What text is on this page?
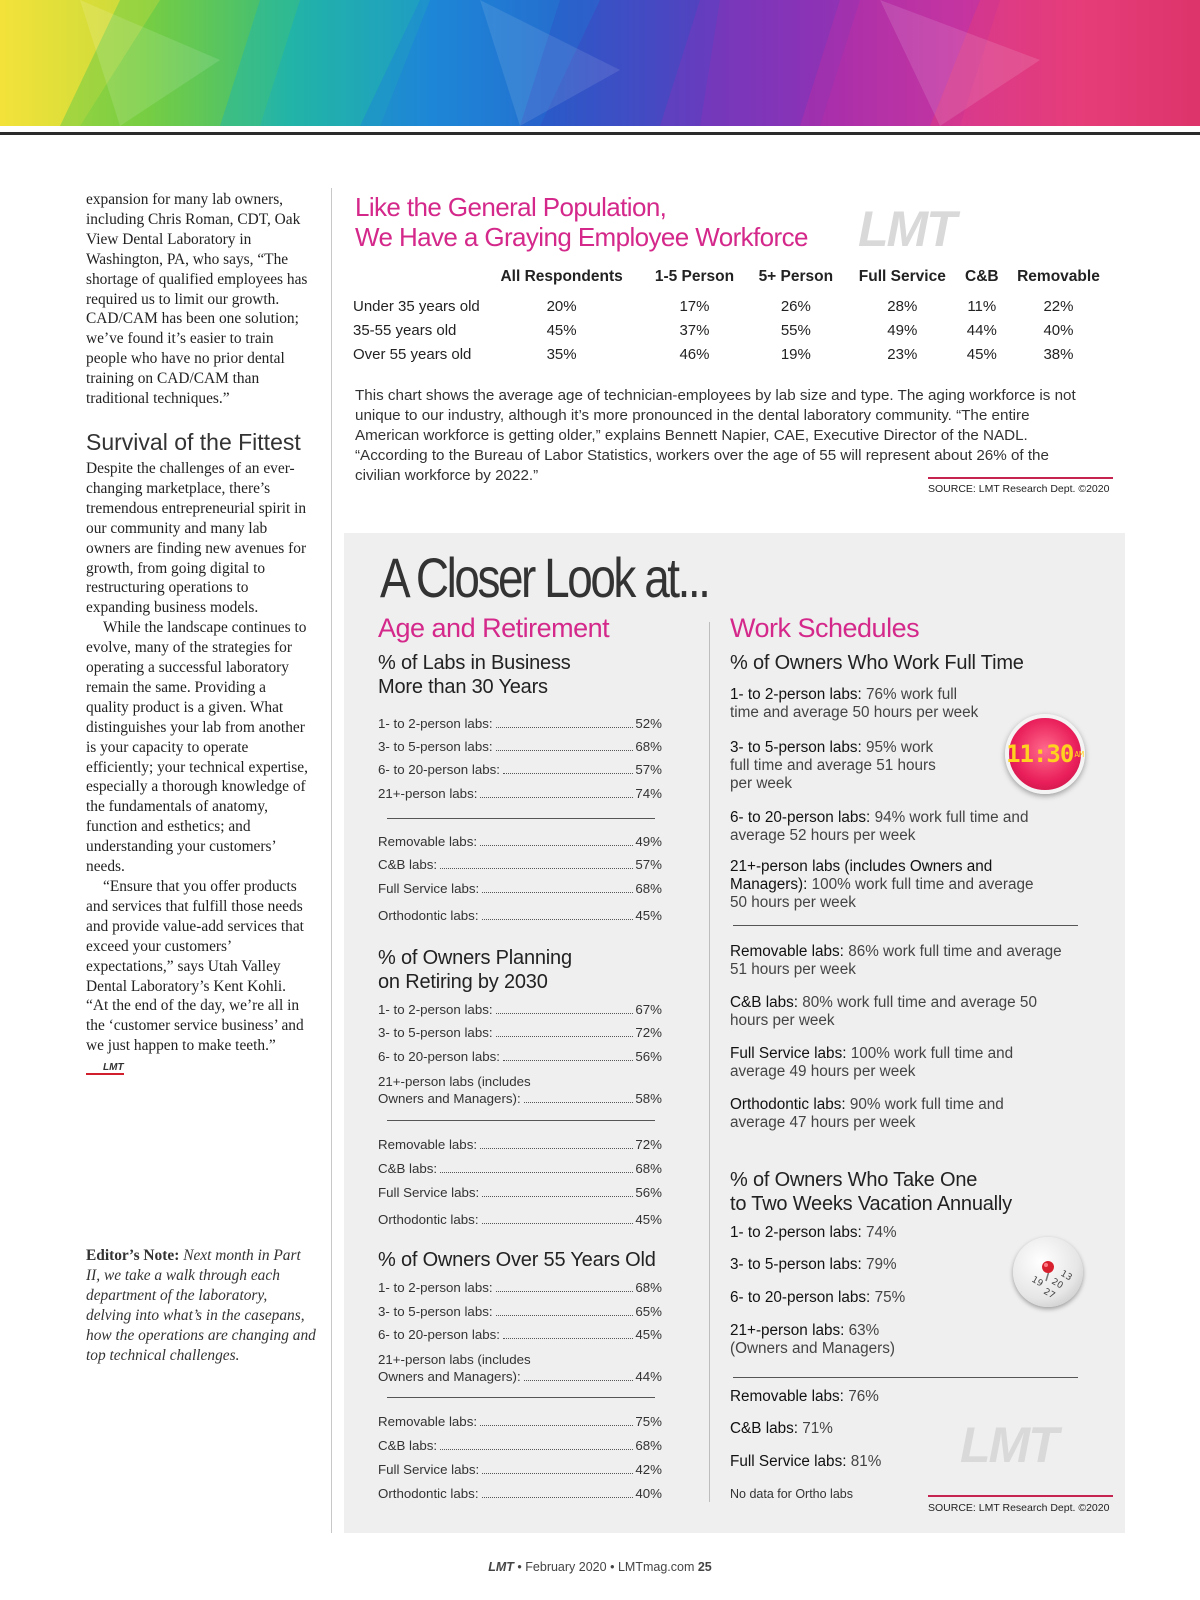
expansion for many lab owners, including Chris Roman, CDT, Oak View Dental Laboratory in Washington, PA, who says, “The shortage of qualified employees has required us to limit our growth. CAD/CAM has been one solution; we’ve found it’s easier to train people who have no prior dental training on CAD/CAM than traditional techniques.”

Survival of the Fittest

Despite the challenges of an ever-changing marketplace, there’s tremendous entrepreneurial spirit in our community and many lab owners are finding new avenues for growth, from going digital to restructuring operations to expanding business models.

While the landscape continues to evolve, many of the strategies for operating a successful laboratory remain the same. Providing a quality product is a given. What distinguishes your lab from another is your capacity to operate efficiently; your technical expertise, especially a thorough knowledge of the fundamentals of anatomy, function and esthetics; and understanding your customers’ needs.

“Ensure that you offer products and services that fulfill those needs and provide value-add services that exceed your customers’ expectations,” says Utah Valley Dental Laboratory’s Kent Kohli. “At the end of the day, we’re all in the ‘customer service business’ and we just happen to make teeth.” LMT

Editor’s Note: Next month in Part II, we take a walk through each department of the laboratory, delving into what’s in the casepans, how the operations are changing and top technical challenges.
Like the General Population,
We Have a Graying Employee Workforce	LMT
	All Respondents	1-5 Person	5+ Person	Full Service	C&B	Removable
Under 35 years old	20%	17%	26%	28%	11%	22%
35-55 years old	45%	37%	55%	49%	44%	40%
Over 55 years old	35%	46%	19%	23%	45%	38%
This chart shows the average age of technician-employees by lab size and type. The aging workforce is not unique to our industry, although it’s more pronounced in the dental laboratory community. “The entire American workforce is getting older,” explains Bennett Napier, CAE, Executive Director of the NADL. “According to the Bureau of Labor Statistics, workers over the age of 55 will represent about 26% of the civilian workforce by 2022.”
SOURCE: LMT Research Dept. ©2020
A Closer Look at...
Age and Retirement	Work Schedules
% of Labs in Business
More than 30 Years
1- to 2-person labs:	52%
3- to 5-person labs:	68%
6- to 20-person labs:	57%
21+-person labs:	74%
Removable labs:	49%
C&B labs:	57%
Full Service labs:	68%
Orthodontic labs:	45%
% of Owners Planning
on Retiring by 2030
1- to 2-person labs:	67%
3- to 5-person labs:	72%
6- to 20-person labs:	56%
21+-person labs (includes
Owners and Managers):	58%
Removable labs:	72%
C&B labs:	68%
Full Service labs:	56%
Orthodontic labs:	45%
% of Owners Over 55 Years Old
1- to 2-person labs:	68%
3- to 5-person labs:	65%
6- to 20-person labs:	45%
21+-person labs (includes
Owners and Managers):	44%
Removable labs:	75%
C&B labs:	68%
Full Service labs:	42%
Orthodontic labs:	40%
% of Owners Who Work Full Time
1- to 2-person labs: 76% work full time and average 50 hours per week
3- to 5-person labs: 95% work full time and average 51 hours per week
6- to 20-person labs: 94% work full time and average 52 hours per week
21+-person labs (includes Owners and Managers): 100% work full time and average 50 hours per week
Removable labs: 86% work full time and average 51 hours per week
C&B labs: 80% work full time and average 50 hours per week
Full Service labs: 100% work full time and average 49 hours per week
Orthodontic labs: 90% work full time and average 47 hours per week
11:30 AM
% of Owners Who Take One
to Two Weeks Vacation Annually
1- to 2-person labs: 74%
3- to 5-person labs: 79%
6- to 20-person labs: 75%
21+-person labs: 63%
(Owners and Managers)
Removable labs: 76%
C&B labs: 71%
Full Service labs: 81%
No data for Ortho labs
13
20
19
27
LMT
SOURCE: LMT Research Dept. ©2020
LMT • February 2020 • LMTmag.com 25
